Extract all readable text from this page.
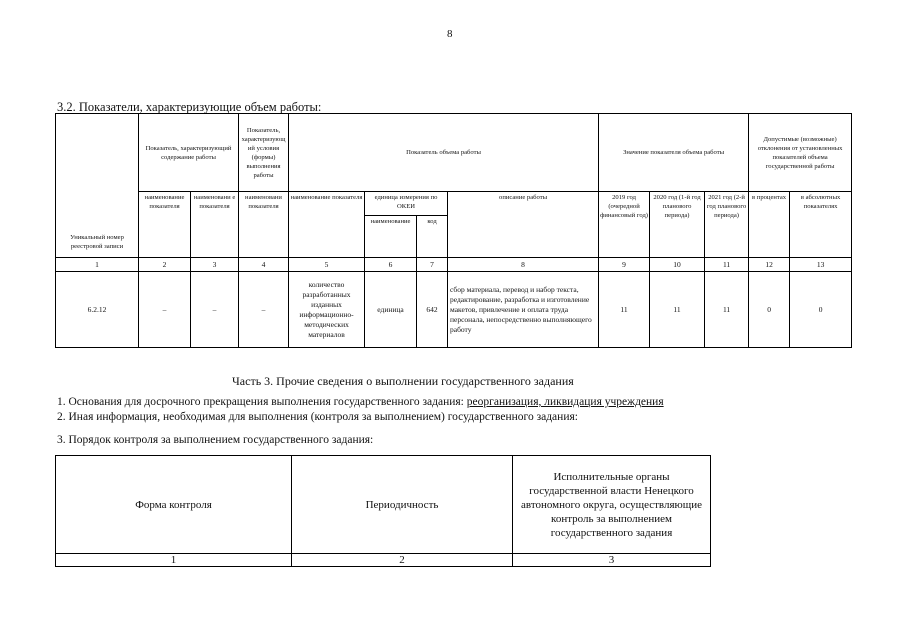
8
3.2. Показатели, характеризующие объем работы:
Уникальный номер реестровой записи	Показатель, характеризующий содержание работы		Показатель, характеризующий условия (формы) выполнения работы	Показатель объема работы				Значение показателя объема работы			Допустимые (возможные) отклонения от установленных показателей объема государственной работы	
	наименование показателя	наименовани е показателя	наименовани показателя	наименование показателя	единица измерения по ОКЕИ		описание работы	2019 год (очередной финансовый год)	2020 год (1-й год планового периода)	2021 год (2-й год планового периода)	в процентах	в абсолютных показателях
					наименование	код						
1	2	3	4	5	6	7	8	9	10	11	12	13
6.2.12	–	–	–	количество разработанных изданных информационно-методических материалов	единица	642	сбор материала, перевод и набор текста, редактирование, разработка и изготовление макетов, привлечение и оплата труда персонала, непосредственно выполняющего работу	11	11	11	0	0
Часть 3. Прочие сведения о выполнении государственного задания
1. Основания для досрочного прекращения выполнения государственного задания: реорганизация, ликвидация учреждения
2. Иная информация, необходимая для выполнения (контроля за выполнением) государственного задания:
3. Порядок контроля за выполнением государственного задания:
Форма контроля	Периодичность	Исполнительные органы государственной власти Ненецкого автономного округа, осуществляющие контроль за выполнением государственного задания
1	2	3
